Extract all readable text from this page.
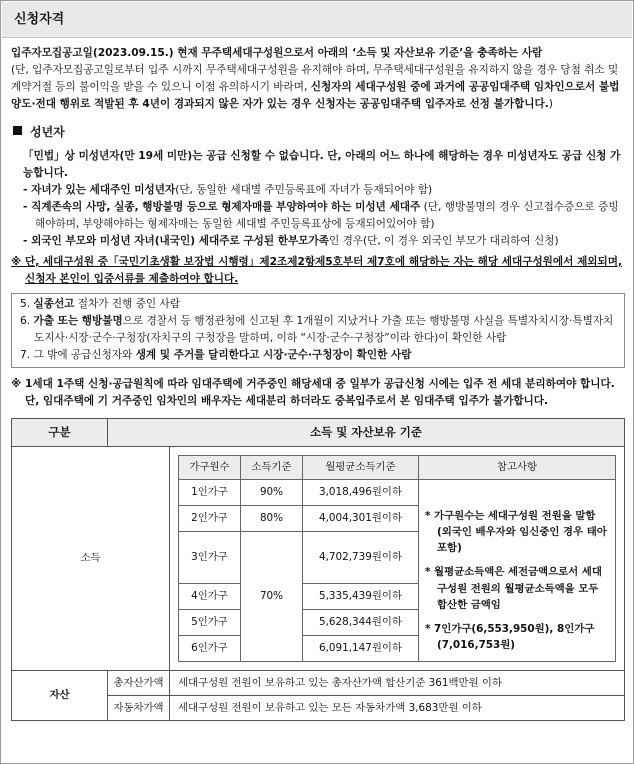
신청자격

입주자모집공고일(2023.09.15.) 현재 무주택세대구성원으로서 아래의 ‘소득 및 자산보유 기준’을 충족하는 사람

(단, 입주자모집공고일로부터 입주 시까지 무주택세대구성원을 유지해야 하며, 무주택세대구성원을 유지하지 않을 경우 당첨 취소 및 계약거절 등의 불이익을 받을 수 있으니 이점 유의하시기 바라며, 신청자의 세대구성원 중에 과거에 공공임대주택 임차인으로서 불법양도·전대 행위로 적발된 후 4년이 경과되지 않은 자가 있는 경우 신청자는 공공임대주택 입주자로 선정 불가합니다.)

성년자

「민법」상 미성년자(만 19세 미만)는 공급 신청할 수 없습니다. 단, 아래의 어느 하나에 해당하는 경우 미성년자도 공급 신청 가능합니다.

- 자녀가 있는 세대주인 미성년자(단, 동일한 세대별 주민등록표에 자녀가 등재되어야 함)

- 직계존속의 사망, 실종, 행방불명 등으로 형제자매를 부양하여야 하는 미성년 세대주 (단, 행방불명의 경우 신고접수증으로 증빙해야하며, 부양해야하는 형제자매는 동일한 세대별 주민등록표상에 등재되어있어야 함)

- 외국인 부모와 미성년 자녀(내국인) 세대주로 구성된 한부모가족인 경우(단, 이 경우 외국인 부모가 대리하여 신청)

※ 단, 세대구성원 중「국민기초생활 보장법 시행령」제2조제2항제5호부터 제7호에 해당하는 자는 해당 세대구성원에서 제외되며, 신청자 본인이 입증서류를 제출하여야 합니다.

5. 실종선고 절차가 진행 중인 사람

6. 가출 또는 행방불명으로 경찰서 등 행정관청에 신고된 후 1개월이 지났거나 가출 또는 행방불명 사실을 특별자치시장·특별자치도지사·시장·군수·구청장(자치구의 구청장을 말하며, 이하 “시장·군수·구청장”이라 한다)이 확인한 사람

7. 그 밖에 공급신청자와 생계 및 주거를 달리한다고 시장·군수·구청장이 확인한 사람

※ 1세대 1주택 신청·공급원칙에 따라 임대주택에 거주중인 해당세대 중 일부가 공급신청 시에는 입주 전 세대 분리하여야 합니다. 단, 임대주택에 기 거주중인 임차인의 배우자는 세대분리 하더라도 중복입주로서 본 임대주택 입주가 불가합니다.

구분	소득 및 자산보유 기준
소득	
가구원수	소득기준	월평균소득기준	참고사항
1인가구	90%	3,018,496원이하	

* 가구원수는 세대구성원 전원을 말함 (외국인 배우자와 임신중인 경우 태아 포함)

* 월평균소득액은 세전금액으로서 세대구성원 전원의 월평균소득액을 모두 합산한 금액임

* 7인가구(6,553,950원), 8인가구(7,016,753원)

2인가구	80%	4,004,301원이하
3인가구	70%	4,702,739원이하
4인가구	5,335,439원이하
5인가구	5,628,344원이하
6인가구	6,091,147원이하

자산	총자산가액	세대구성원 전원이 보유하고 있는 총자산가액 합산기준 361백만원 이하
자동차가액	세대구성원 전원이 보유하고 있는 모든 자동차가액 3,683만원 이하
